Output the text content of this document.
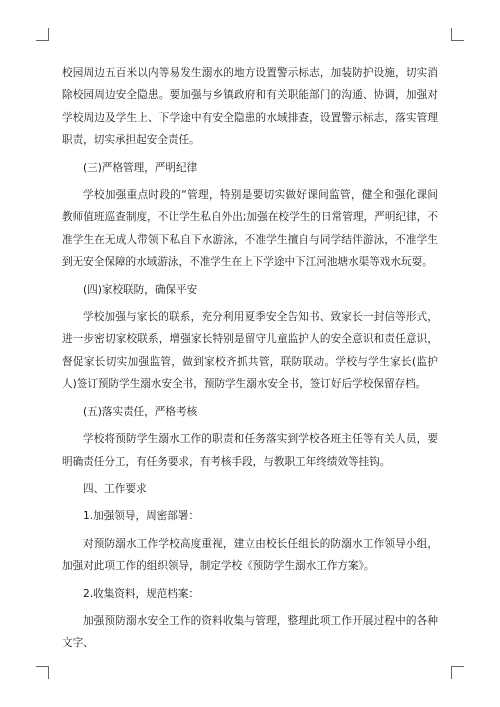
校园周边五百米以内等易发生溺水的地方设置警示标志，加装防护设施，切实消除校园周边安全隐患。要加强与乡镇政府和有关职能部门的沟通、协调，加强对学校周边及学生上、下学途中有安全隐患的水域排查，设置警示标志，落实管理职责，切实承担起安全责任。

(三)严格管理，严明纪律

学校加强重点时段的“管理，特别是要切实做好课间监管，健全和强化课间教师值班巡查制度，不让学生私自外出;加强在校学生的日常管理，严明纪律，不准学生在无成人带领下私自下水游泳，不准学生擅自与同学结伴游泳，不准学生到无安全保障的水域游泳，不准学生在上下学途中下江河池塘水渠等戏水玩耍。

(四)家校联防，确保平安

学校加强与家长的联系，充分利用夏季安全告知书、致家长一封信等形式，进一步密切家校联系，增强家长特别是留守儿童监护人的安全意识和责任意识，督促家长切实加强监管，做到家校齐抓共管，联防联动。学校与学生家长(监护人)签订预防学生溺水安全书，预防学生溺水安全书，签订好后学校保留存档。

(五)落实责任，严格考核

学校将预防学生溺水工作的职责和任务落实到学校各班主任等有关人员，要明确责任分工，有任务要求，有考核手段，与教职工年终绩效等挂钩。

四、工作要求

1.加强领导，周密部署：

对预防溺水工作学校高度重视，建立由校长任组长的防溺水工作领导小组，加强对此项工作的组织领导，制定学校《预防学生溺水工作方案》。

2.收集资料，规范档案：

加强预防溺水安全工作的资料收集与管理，整理此项工作开展过程中的各种文字、
